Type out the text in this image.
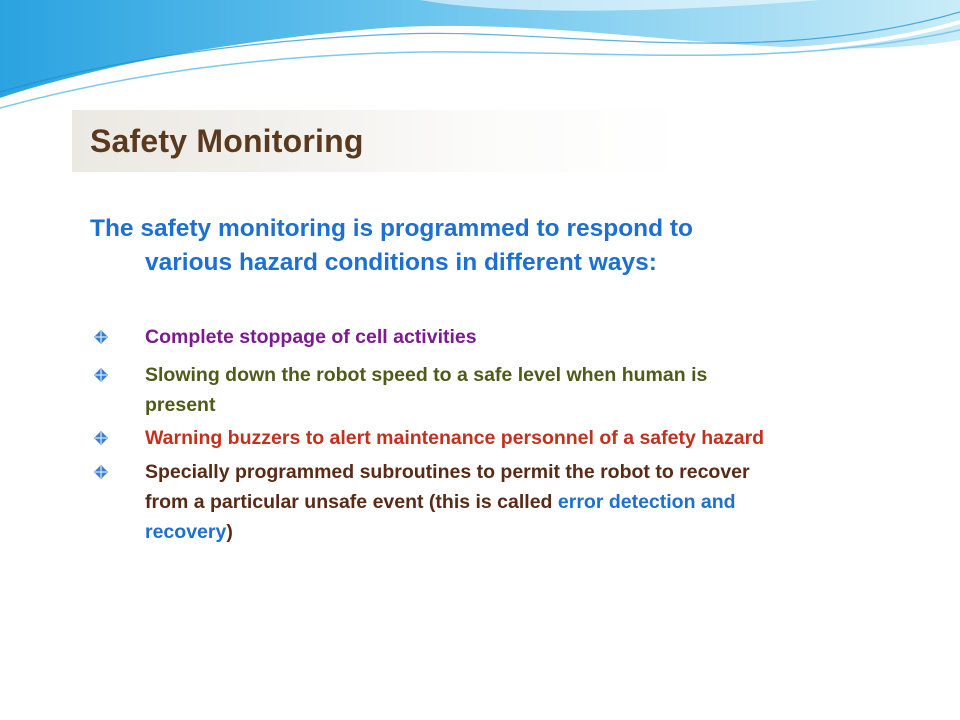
Safety Monitoring
The safety monitoring is programmed to respond to
various hazard conditions in different ways:
Complete stoppage of cell activities
Slowing down the robot speed to a safe level when human is
present
Warning buzzers to alert maintenance personnel of a safety hazard
Specially programmed subroutines to permit the robot to recover
from a particular unsafe event (this is called error detection and
recovery)
